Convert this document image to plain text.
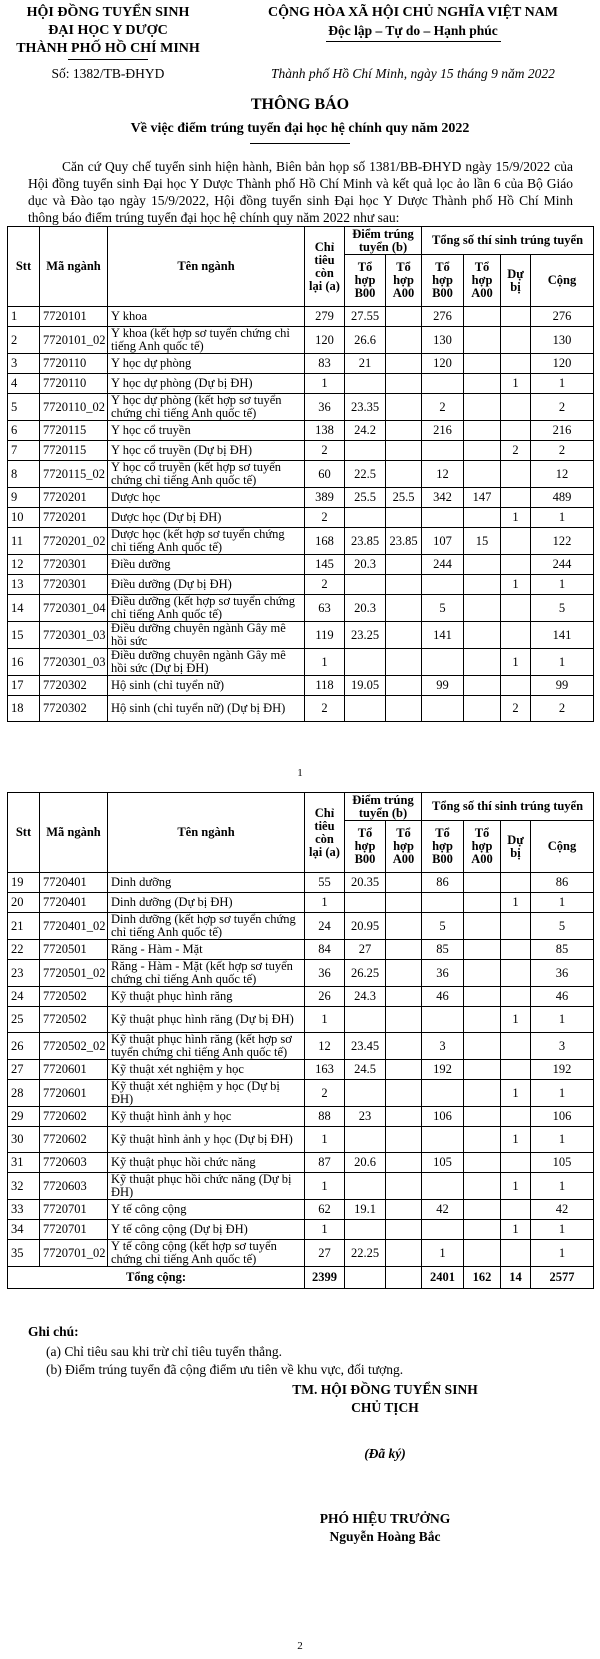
HỘI ĐỒNG TUYỂN SINH
ĐẠI HỌC Y DƯỢC
THÀNH PHỐ HỒ CHÍ MINH
CỘNG HÒA XÃ HỘI CHỦ NGHĨA VIỆT NAM
Độc lập – Tự do – Hạnh phúc
Số: 1382/TB-ĐHYD	Thành phố Hồ Chí Minh, ngày 15 tháng 9 năm 2022
THÔNG BÁO
Về việc điểm trúng tuyển đại học hệ chính quy năm 2022

Căn cứ Quy chế tuyển sinh hiện hành, Biên bản họp số 1381/BB-ĐHYD ngày 15/9/2022 của Hội đồng tuyển sinh Đại học Y Dược Thành phố Hồ Chí Minh và kết quả lọc ảo lần 6 của Bộ Giáo dục và Đào tạo ngày 15/9/2022, Hội đồng tuyển sinh Đại học Y Dược Thành phố Hồ Chí Minh thông báo điểm trúng tuyển đại học hệ chính quy năm 2022 như sau:

Stt	Mã ngành	Tên ngành	Chỉ tiêu còn lại (a)	Điểm trúng tuyển (b)		Tổng số thí sinh trúng tuyển			
				Tổ hợp B00	Tổ hợp A00	Tổ hợp B00	Tổ hợp A00	Dự bị	Cộng
1	7720101	Y khoa	279	27.55		276			276
2	7720101_02	Y khoa (kết hợp sơ tuyển chứng chỉ tiếng Anh quốc tế)	120	26.6		130			130
3	7720110	Y học dự phòng	83	21		120			120
4	7720110	Y học dự phòng (Dự bị ĐH)	1					1	1
5	7720110_02	Y học dự phòng (kết hợp sơ tuyển chứng chỉ tiếng Anh quốc tế)	36	23.35		2			2
6	7720115	Y học cổ truyền	138	24.2		216			216
7	7720115	Y học cổ truyền (Dự bị ĐH)	2					2	2
8	7720115_02	Y học cổ truyền (kết hợp sơ tuyển chứng chỉ tiếng Anh quốc tế)	60	22.5		12			12
9	7720201	Dược học	389	25.5	25.5	342	147		489
10	7720201	Dược học (Dự bị ĐH)	2					1	1
11	7720201_02	Dược học (kết hợp sơ tuyển chứng chỉ tiếng Anh quốc tế)	168	23.85	23.85	107	15		122
12	7720301	Điều dưỡng	145	20.3		244			244
13	7720301	Điều dưỡng (Dự bị ĐH)	2					1	1
14	7720301_04	Điều dưỡng (kết hợp sơ tuyển chứng chỉ tiếng Anh quốc tế)	63	20.3		5			5
15	7720301_03	Điều dưỡng chuyên ngành Gây mê hồi sức	119	23.25		141			141
16	7720301_03	Điều dưỡng chuyên ngành Gây mê hồi sức (Dự bị ĐH)	1					1	1
17	7720302	Hộ sinh (chỉ tuyển nữ)	118	19.05		99			99
18	7720302	Hộ sinh (chỉ tuyển nữ) (Dự bị ĐH)	2					2	2
1
Stt	Mã ngành	Tên ngành	Chỉ tiêu còn lại (a)	Điểm trúng tuyển (b)		Tổng số thí sinh trúng tuyển			
				Tổ hợp B00	Tổ hợp A00	Tổ hợp B00	Tổ hợp A00	Dự bị	Cộng
19	7720401	Dinh dưỡng	55	20.35		86			86
20	7720401	Dinh dưỡng (Dự bị ĐH)	1					1	1
21	7720401_02	Dinh dưỡng (kết hợp sơ tuyển chứng chỉ tiếng Anh quốc tế)	24	20.95		5			5
22	7720501	Răng - Hàm - Mặt	84	27		85			85
23	7720501_02	Răng - Hàm - Mặt (kết hợp sơ tuyển chứng chỉ tiếng Anh quốc tế)	36	26.25		36			36
24	7720502	Kỹ thuật phục hình răng	26	24.3		46			46
25	7720502	Kỹ thuật phục hình răng (Dự bị ĐH)	1					1	1
26	7720502_02	Kỹ thuật phục hình răng (kết hợp sơ tuyển chứng chỉ tiếng Anh quốc tế)	12	23.45		3			3
27	7720601	Kỹ thuật xét nghiệm y học	163	24.5		192			192
28	7720601	Kỹ thuật xét nghiệm y học (Dự bị ĐH)	2					1	1
29	7720602	Kỹ thuật hình ảnh y học	88	23		106			106
30	7720602	Kỹ thuật hình ảnh y học (Dự bị ĐH)	1					1	1
31	7720603	Kỹ thuật phục hồi chức năng	87	20.6		105			105
32	7720603	Kỹ thuật phục hồi chức năng (Dự bị ĐH)	1					1	1
33	7720701	Y tế công cộng	62	19.1		42			42
34	7720701	Y tế công cộng (Dự bị ĐH)	1					1	1
35	7720701_02	Y tế công cộng (kết hợp sơ tuyển chứng chỉ tiếng Anh quốc tế)	27	22.25		1			1
Tổng cộng:			2399			2401	162	14	2577
Ghi chú:
(a) Chỉ tiêu sau khi trừ chỉ tiêu tuyển thẳng.
(b) Điểm trúng tuyển đã cộng điểm ưu tiên về khu vực, đối tượng.
TM. HỘI ĐỒNG TUYỂN SINH
CHỦ TỊCH
(Đã ký)
PHÓ HIỆU TRƯỞNG
Nguyễn Hoàng Bắc
2
